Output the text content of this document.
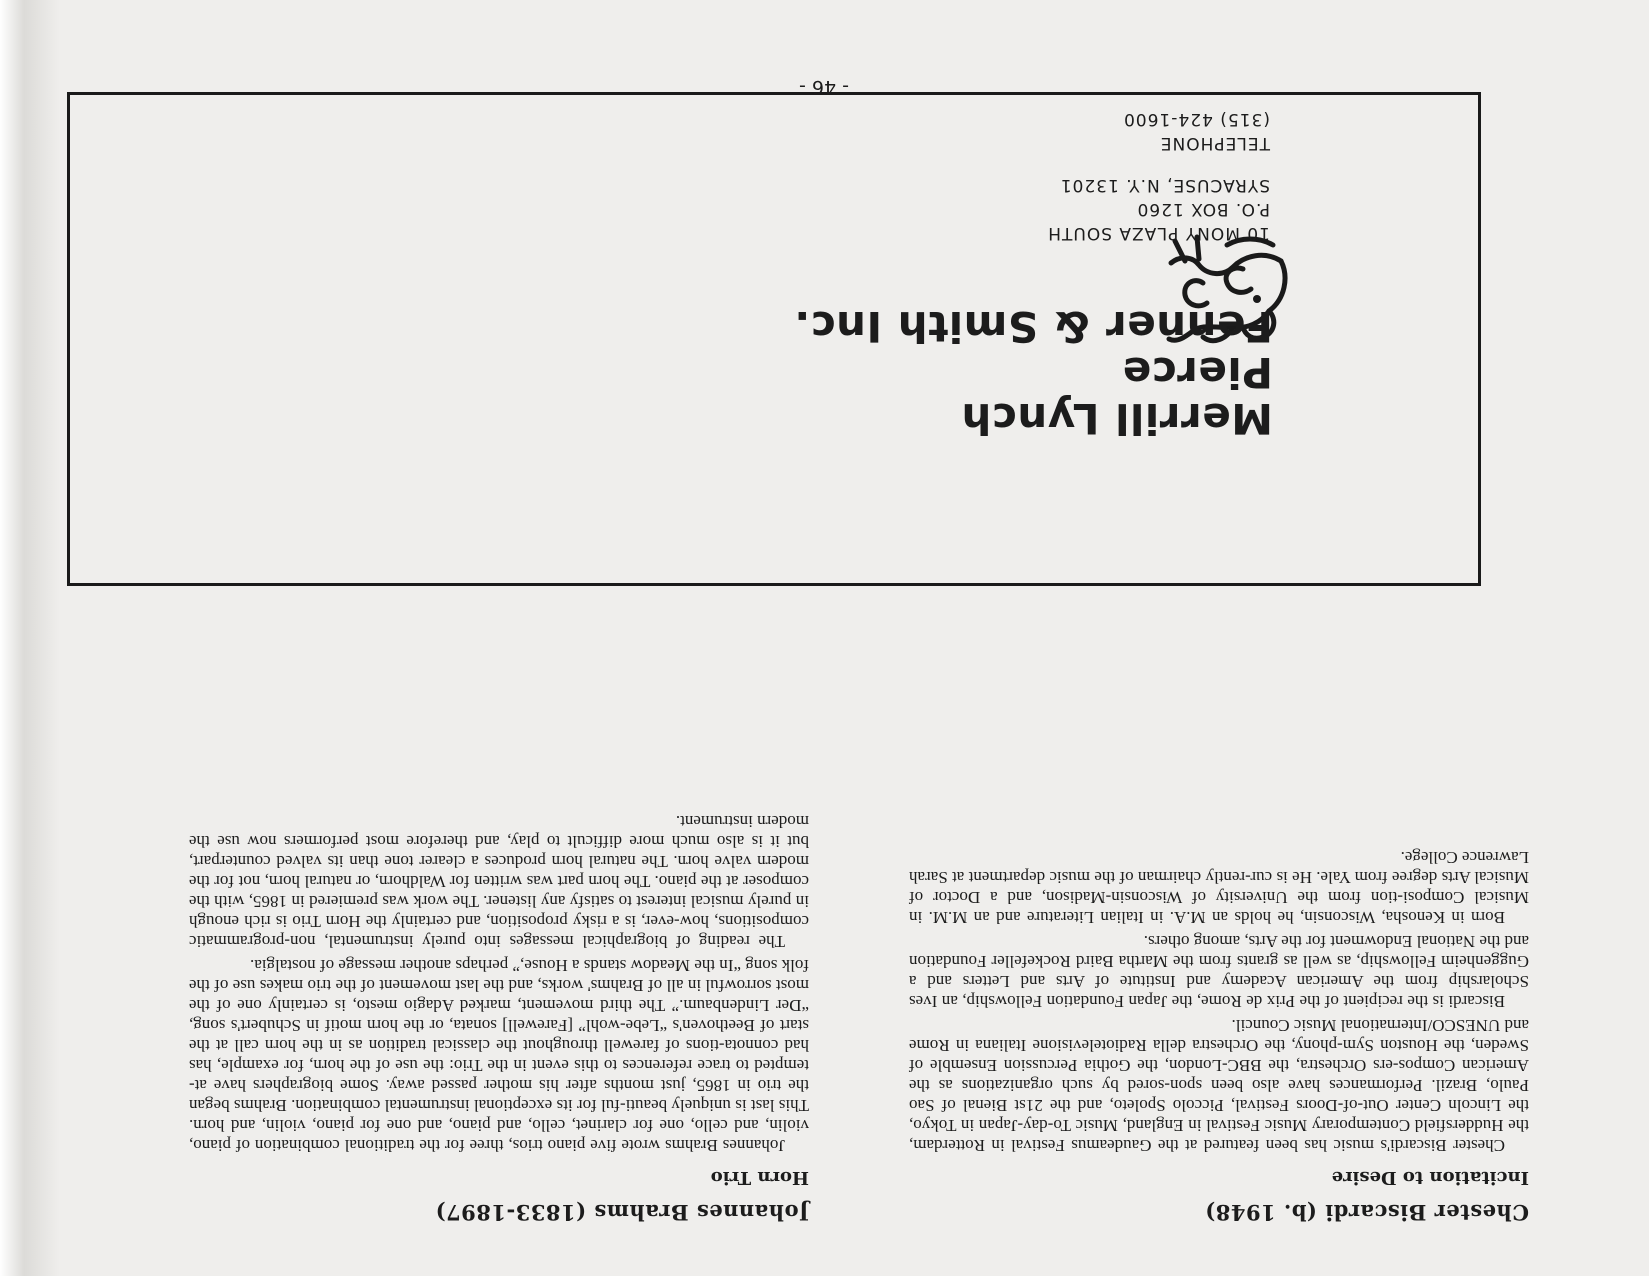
Merrill Lynch
Pierce
Fenner & Smith Inc.
10 MONY PLAZA SOUTH
P.O. BOX 1260
SYRACUSE, N.Y. 13201
TELEPHONE
(315) 424-1600
Chester Biscardi (b. 1948)
Incitation to Desire

Chester Biscardi's music has been featured at the Gaudeamus Festival in Rotterdam, the Huddersfield Contemporary Music Festival in England, Music To-day-Japan in Tokyo, the Lincoln Center Out-of-Doors Festival, Piccolo Spoleto, and the 21st Bienal of Sao Paulo, Brazil. Performances have also been spon-sored by such organizations as the American Compos-ers Orchestra, the BBC-London, the Gothia Percussion Ensemble of Sweden, the Houston Sym-phony, the Orchestra della Radiotelevisione Italiana in Rome and UNESCO/International Music Council.

Biscardi is the recipient of the Prix de Rome, the Japan Foundation Fellowship, an Ives Scholarship from the American Academy and Institute of Arts and Letters and a Guggenheim Fellowship, as well as grants from the Martha Baird Rockefeller Foundation and the National Endowment for the Arts, among others.

Born in Kenosha, Wisconsin, he holds an M.A. in Italian Literature and an M.M. in Musical Composi-tion from the University of Wisconsin-Madison, and a Doctor of Musical Arts degree from Yale. He is cur-rently chairman of the music department at Sarah Lawrence College.

Johannes Brahms (1833-1897)
Horn Trio

Johannes Brahms wrote five piano trios, three for the traditional combination of piano, violin, and cello, one for clarinet, cello, and piano, and one for piano, violin, and horn. This last is uniquely beauti-ful for its exceptional instrumental combination. Brahms began the trio in 1865, just months after his mother passed away. Some biographers have at-tempted to trace references to this event in the Trio: the use of the horn, for example, has had connota-tions of farewell throughout the classical tradition as in the horn call at the start of Beethoven's “Lebe-wohl” [Farewell] sonata, or the horn motif in Schubert's song, “Der Lindenbaum.” The third movement, marked Adagio mesto, is certainly one of the most sorrowful in all of Brahms' works, and the last movement of the trio makes use of the folk song “In the Meadow stands a House,” perhaps another message of nostalgia.

The reading of biographical messages into purely instrumental, non-programmatic compositions, how-ever, is a risky proposition, and certainly the Horn Trio is rich enough in purely musical interest to satisfy any listener. The work was premiered in 1865, with the composer at the piano. The horn part was written for Waldhorn, or natural horn, not for the modern valve horn. The natural horn produces a clearer tone than its valved counterpart, but it is also much more difficult to play, and therefore most performers now use the modern instrument.

- 46 -
